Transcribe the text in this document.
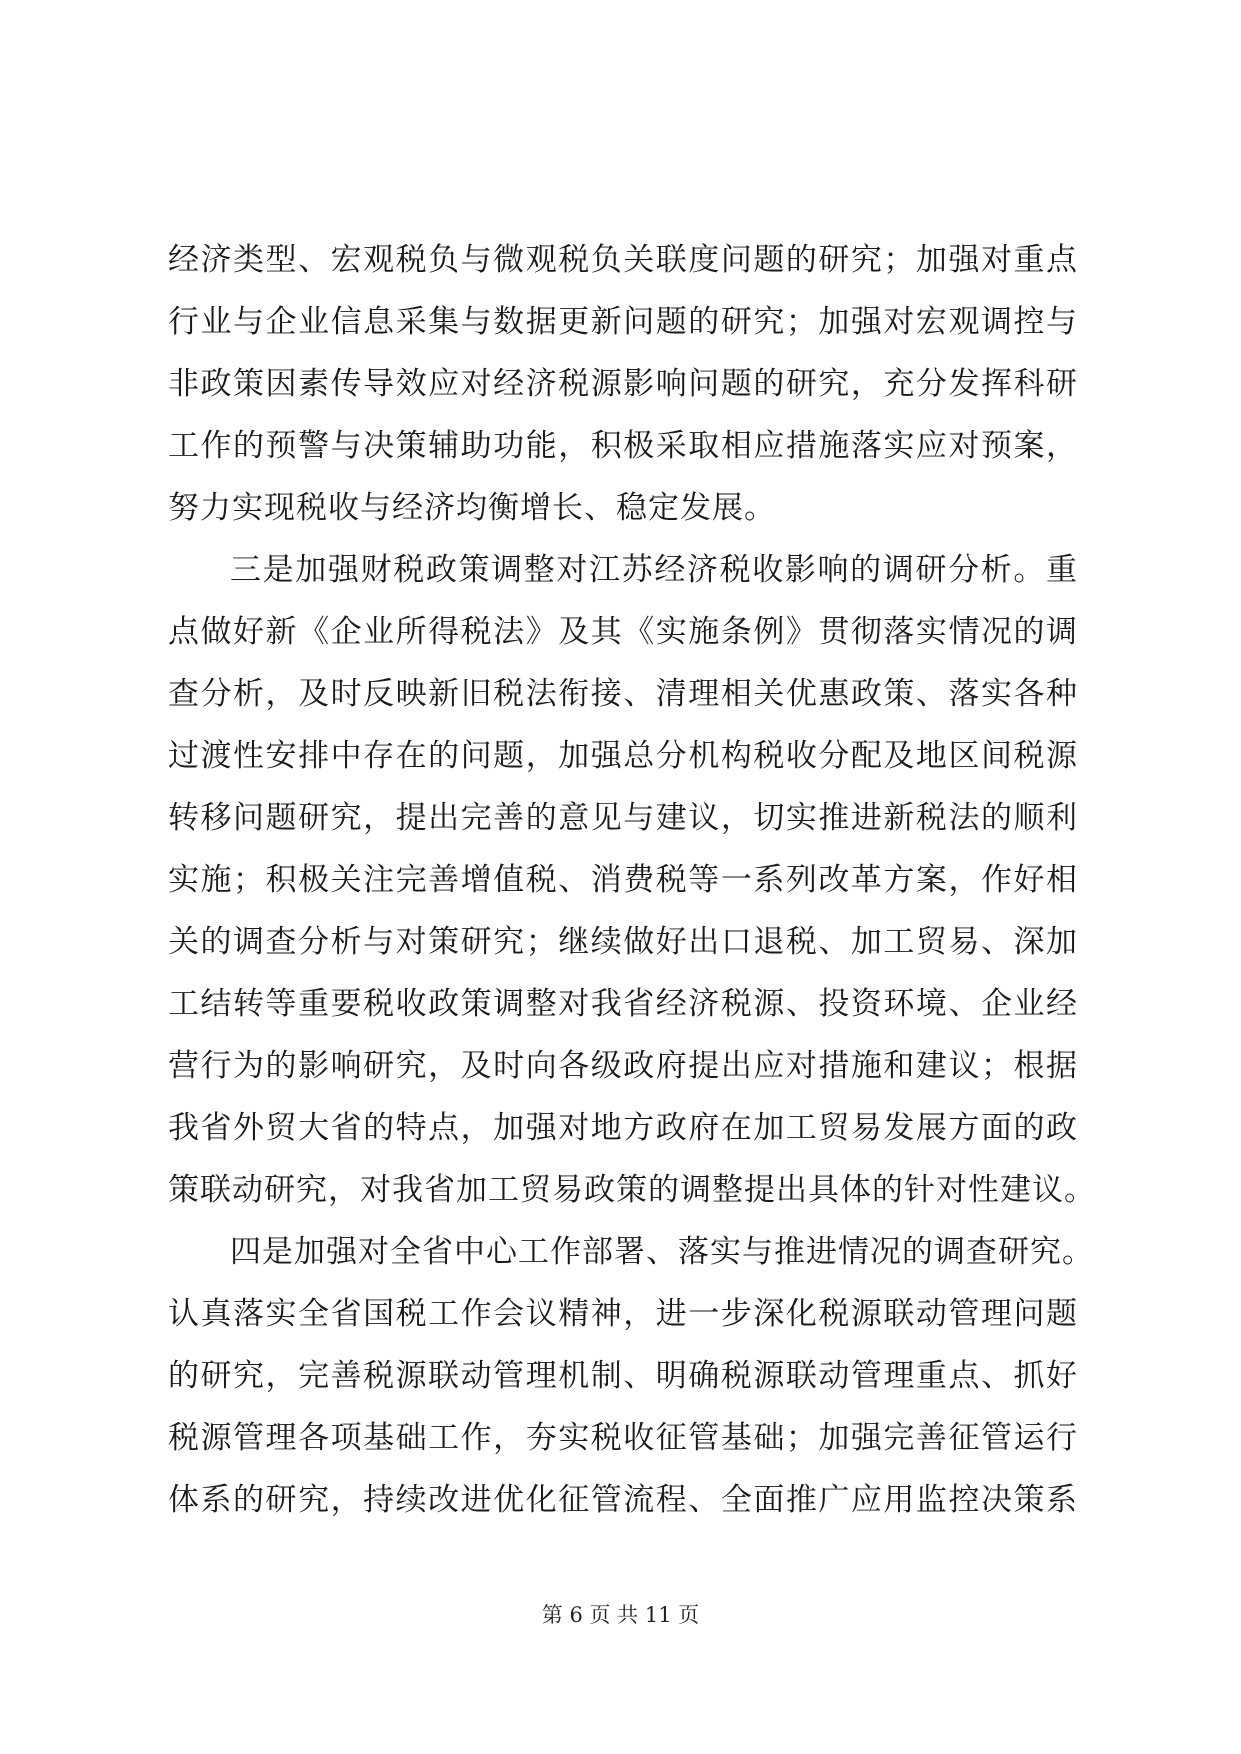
经济类型、宏观税负与微观税负关联度问题的研究；加强对重点
行业与企业信息采集与数据更新问题的研究；加强对宏观调控与
非政策因素传导效应对经济税源影响问题的研究，充分发挥科研
工作的预警与决策辅助功能，积极采取相应措施落实应对预案，
努力实现税收与经济均衡增长、稳定发展。
三是加强财税政策调整对江苏经济税收影响的调研分析。重
点做好新《企业所得税法》及其《实施条例》贯彻落实情况的调
查分析，及时反映新旧税法衔接、清理相关优惠政策、落实各种
过渡性安排中存在的问题，加强总分机构税收分配及地区间税源
转移问题研究，提出完善的意见与建议，切实推进新税法的顺利
实施；积极关注完善增值税、消费税等一系列改革方案，作好相
关的调查分析与对策研究；继续做好出口退税、加工贸易、深加
工结转等重要税收政策调整对我省经济税源、投资环境、企业经
营行为的影响研究，及时向各级政府提出应对措施和建议；根据
我省外贸大省的特点，加强对地方政府在加工贸易发展方面的政
策联动研究，对我省加工贸易政策的调整提出具体的针对性建议。
四是加强对全省中心工作部署、落实与推进情况的调查研究。
认真落实全省国税工作会议精神，进一步深化税源联动管理问题
的研究，完善税源联动管理机制、明确税源联动管理重点、抓好
税源管理各项基础工作，夯实税收征管基础；加强完善征管运行
体系的研究，持续改进优化征管流程、全面推广应用监控决策系
第 6 页 共 11 页
